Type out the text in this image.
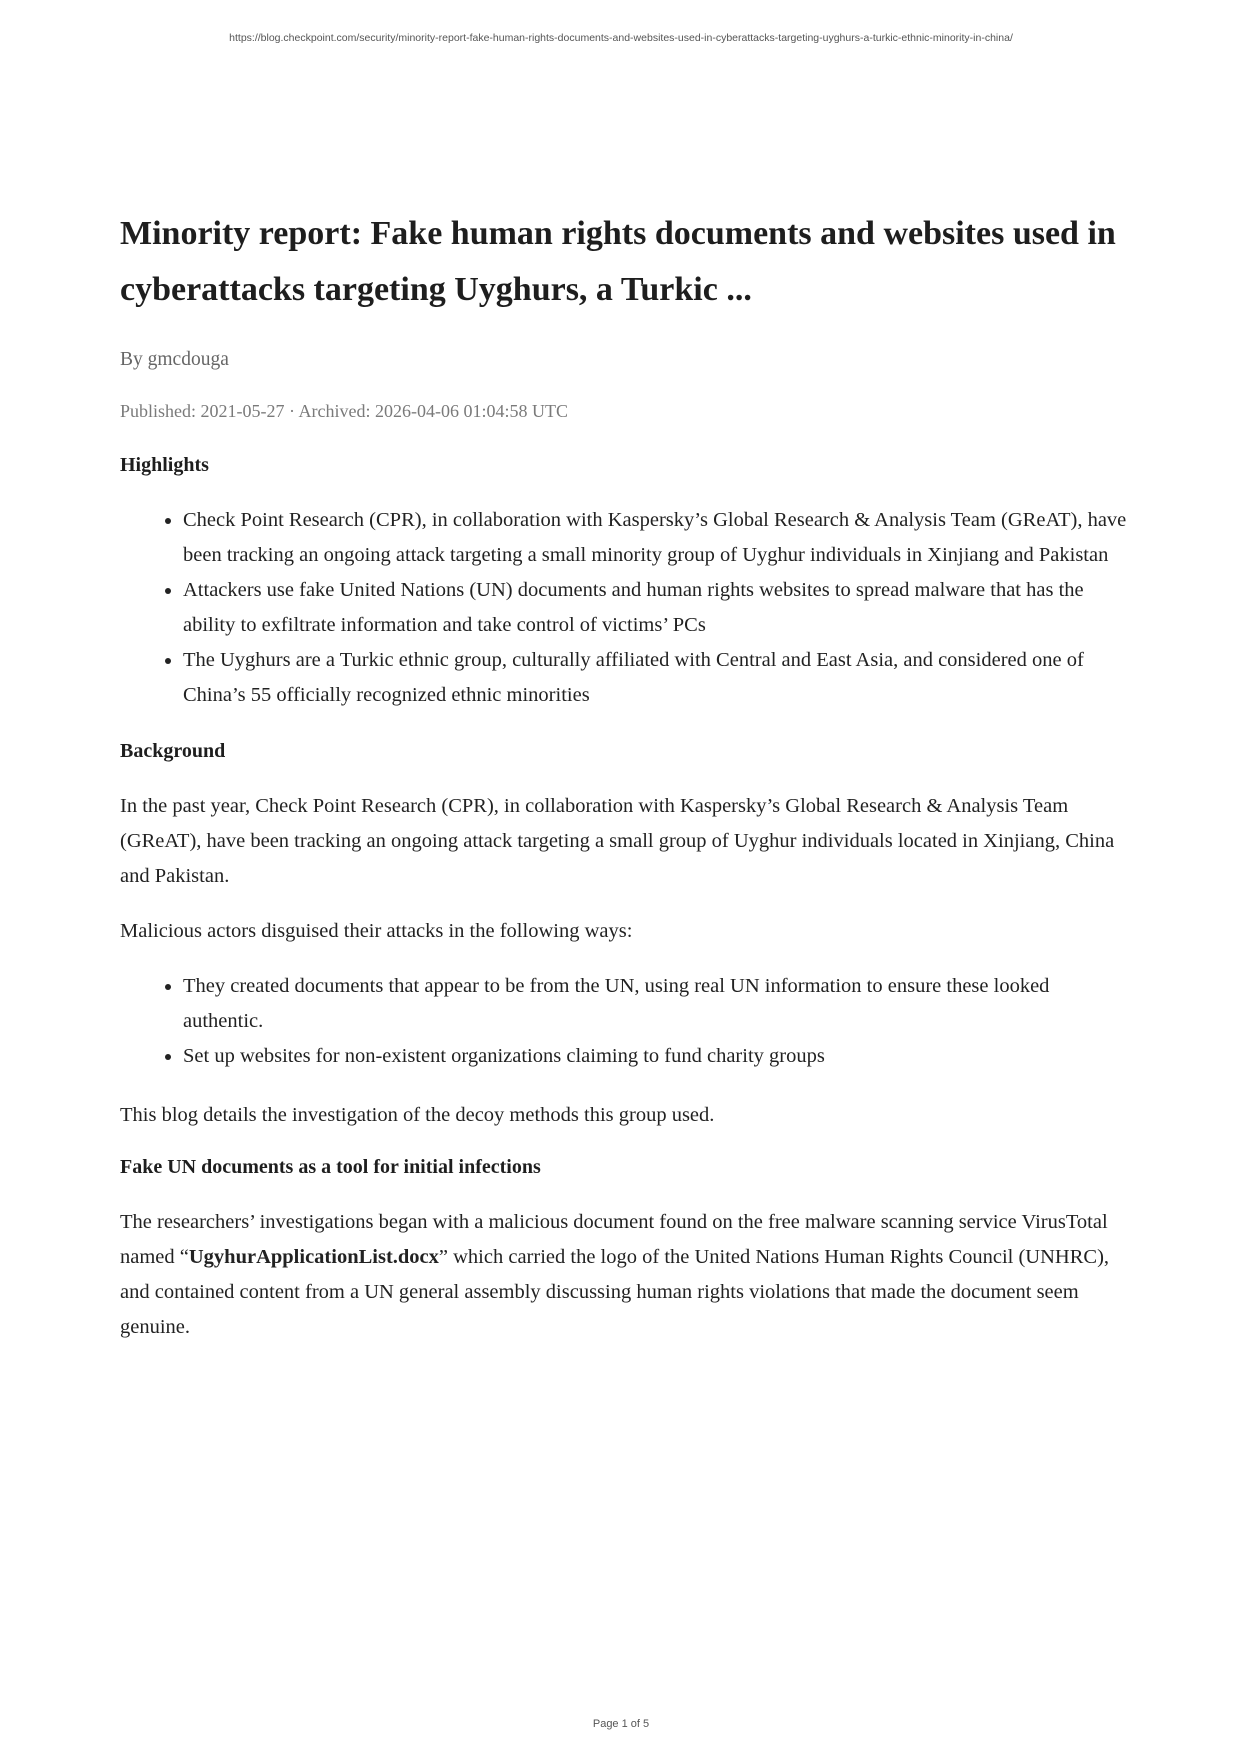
https://blog.checkpoint.com/security/minority-report-fake-human-rights-documents-and-websites-used-in-cyberattacks-targeting-uyghurs-a-turkic-ethnic-minority-in-china/
Minority report: Fake human rights documents and websites used in cyberattacks targeting Uyghurs, a Turkic ...
By gmcdouga
Published: 2021-05-27 · Archived: 2026-04-06 01:04:58 UTC
Highlights
• Check Point Research (CPR), in collaboration with Kaspersky’s Global Research & Analysis Team (GReAT), have been tracking an ongoing attack targeting a small minority group of Uyghur individuals in Xinjiang and Pakistan
• Attackers use fake United Nations (UN) documents and human rights websites to spread malware that has the ability to exfiltrate information and take control of victims’ PCs
• The Uyghurs are a Turkic ethnic group, culturally affiliated with Central and East Asia, and considered one of China’s 55 officially recognized ethnic minorities
Background

In the past year, Check Point Research (CPR), in collaboration with Kaspersky’s Global Research & Analysis Team (GReAT), have been tracking an ongoing attack targeting a small group of Uyghur individuals located in Xinjiang, China and Pakistan.

Malicious actors disguised their attacks in the following ways:

• They created documents that appear to be from the UN, using real UN information to ensure these looked authentic.
• Set up websites for non-existent organizations claiming to fund charity groups

This blog details the investigation of the decoy methods this group used.

Fake UN documents as a tool for initial infections

The researchers’ investigations began with a malicious document found on the free malware scanning service VirusTotal named “UgyhurApplicationList.docx” which carried the logo of the United Nations Human Rights Council (UNHRC), and contained content from a UN general assembly discussing human rights violations that made the document seem genuine.

Page 1 of 5
